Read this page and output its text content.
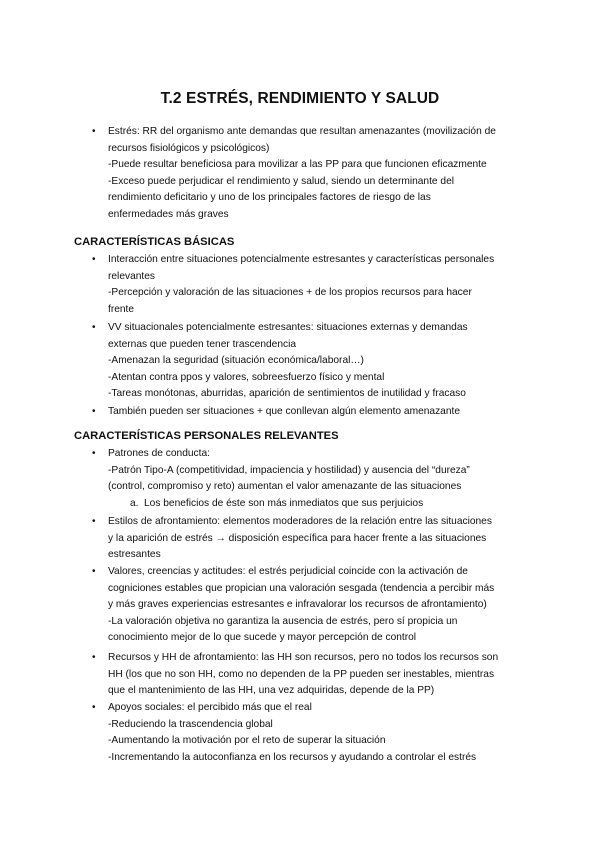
T.2 ESTRÉS, RENDIMIENTO Y SALUD
• Estrés: RR del organismo ante demandas que resultan amenazantes (movilización de
recursos fisiológicos y psicológicos)
-Puede resultar beneficiosa para movilizar a las PP para que funcionen eficazmente
-Exceso puede perjudicar el rendimiento y salud, siendo un determinante del
rendimiento deficitario y uno de los principales factores de riesgo de las
enfermedades más graves
CARACTERÍSTICAS BÁSICAS
• Interacción entre situaciones potencialmente estresantes y características personales
relevantes
-Percepción y valoración de las situaciones + de los propios recursos para hacer
frente
• VV situacionales potencialmente estresantes: situaciones externas y demandas
externas que pueden tener trascendencia
-Amenazan la seguridad (situación económica/laboral…)
-Atentan contra ppos y valores, sobreesfuerzo físico y mental
-Tareas monótonas, aburridas, aparición de sentimientos de inutilidad y fracaso
• También pueden ser situaciones + que conllevan algún elemento amenazante
CARACTERÍSTICAS PERSONALES RELEVANTES
• Patrones de conducta:
-Patrón Tipo-A (competitividad, impaciencia y hostilidad) y ausencia del “dureza”
(control, compromiso y reto) aumentan el valor amenazante de las situaciones
a. Los beneficios de éste son más inmediatos que sus perjuicios
• Estilos de afrontamiento: elementos moderadores de la relación entre las situaciones
y la aparición de estrés → disposición específica para hacer frente a las situaciones
estresantes
• Valores, creencias y actitudes: el estrés perjudicial coincide con la activación de
cogniciones estables que propician una valoración sesgada (tendencia a percibir más
y más graves experiencias estresantes e infravalorar los recursos de afrontamiento)
-La valoración objetiva no garantiza la ausencia de estrés, pero sí propicia un
conocimiento mejor de lo que sucede y mayor percepción de control
• Recursos y HH de afrontamiento: las HH son recursos, pero no todos los recursos son
HH (los que no son HH, como no dependen de la PP pueden ser inestables, mientras
que el mantenimiento de las HH, una vez adquiridas, depende de la PP)
• Apoyos sociales: el percibido más que el real
-Reduciendo la trascendencia global
-Aumentando la motivación por el reto de superar la situación
-Incrementando la autoconfianza en los recursos y ayudando a controlar el estrés
